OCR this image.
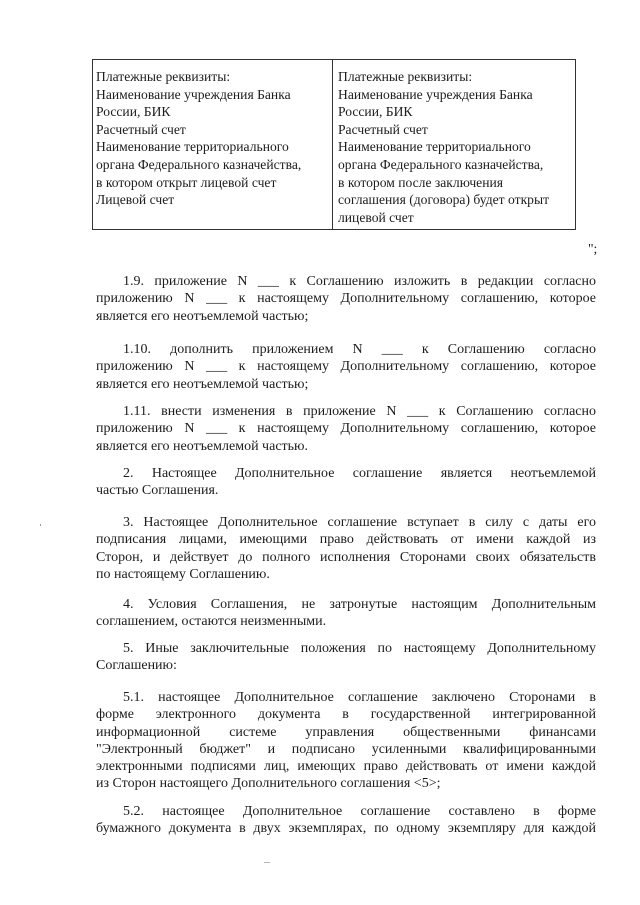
Платежные реквизиты:
Наименование учреждения Банка
России, БИК
Расчетный счет
Наименование территориального
органа Федерального казначейства,
в котором открыт лицевой счет
Лицевой счет
Платежные реквизиты:
Наименование учреждения Банка
России, БИК
Расчетный счет
Наименование территориального
органа Федерального казначейства,
в котором после заключения
соглашения (договора) будет открыт
лицевой счет
";
1.9. приложение N ___ к Соглашению изложить в редакции согласно
приложению N ___ к настоящему Дополнительному соглашению, которое
является его неотъемлемой частью;
1.10. дополнить приложением N ___ к Соглашению согласно
приложению N ___ к настоящему Дополнительному соглашению, которое
является его неотъемлемой частью;
1.11. внести изменения в приложение N ___ к Соглашению согласно
приложению N ___ к настоящему Дополнительному соглашению, которое
является его неотъемлемой частью.
2. Настоящее Дополнительное соглашение является неотъемлемой
частью Соглашения.
3. Настоящее Дополнительное соглашение вступает в силу с даты его
подписания лицами, имеющими право действовать от имени каждой из
Сторон, и действует до полного исполнения Сторонами своих обязательств
по настоящему Соглашению.
4. Условия Соглашения, не затронутые настоящим Дополнительным
соглашением, остаются неизменными.
5. Иные заключительные положения по настоящему Дополнительному
Соглашению:
5.1. настоящее Дополнительное соглашение заключено Сторонами в
форме электронного документа в государственной интегрированной
информационной системе управления общественными финансами
"Электронный бюджет" и подписано усиленными квалифицированными
электронными подписями лиц, имеющих право действовать от имени каждой
из Сторон настоящего Дополнительного соглашения <5>;
5.2. настоящее Дополнительное соглашение составлено в форме
бумажного документа в двух экземплярах, по одному экземпляру для каждой
